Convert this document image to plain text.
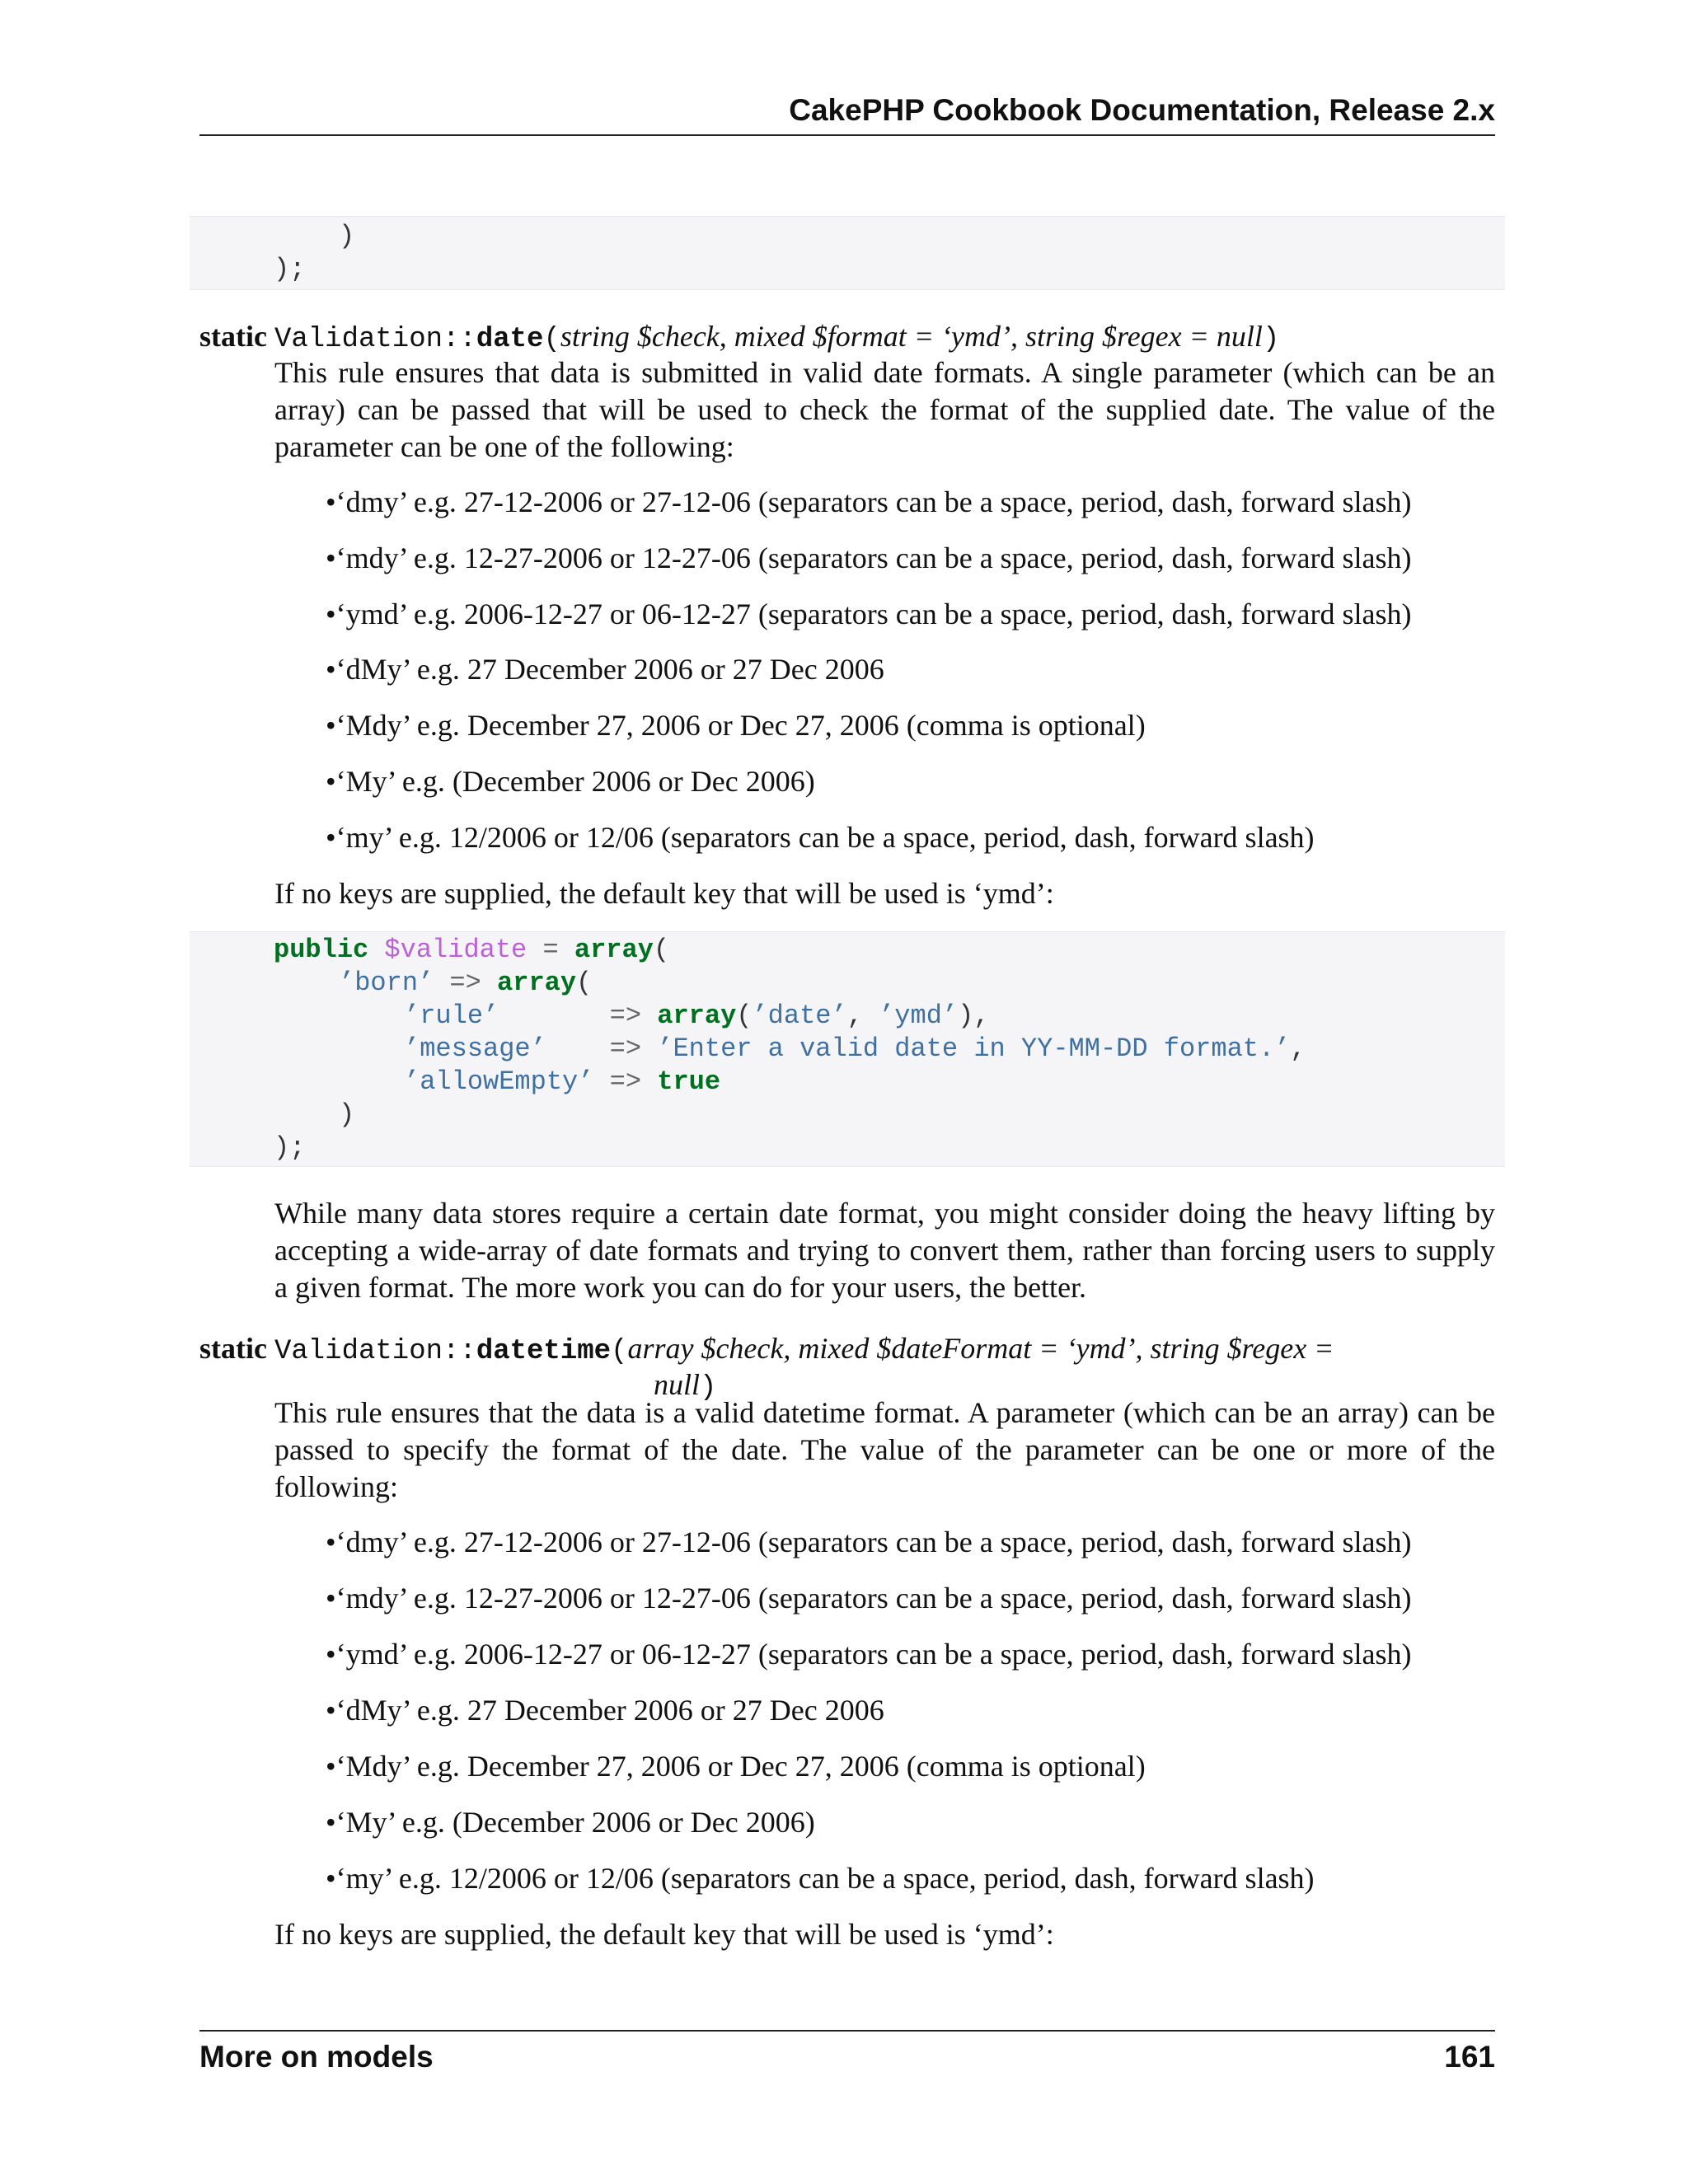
CakePHP Cookbook Documentation, Release 2.x
)
);
static Validation::date(string $check, mixed $format = ‘ymd’, string $regex = null)

This rule ensures that data is submitted in valid date formats. A single parameter (which can be an array) can be passed that will be used to check the format of the supplied date. The value of the parameter can be one of the following:

•‘dmy’ e.g. 27-12-2006 or 27-12-06 (separators can be a space, period, dash, forward slash)
•‘mdy’ e.g. 12-27-2006 or 12-27-06 (separators can be a space, period, dash, forward slash)
•‘ymd’ e.g. 2006-12-27 or 06-12-27 (separators can be a space, period, dash, forward slash)
•‘dMy’ e.g. 27 December 2006 or 27 Dec 2006
•‘Mdy’ e.g. December 27, 2006 or Dec 27, 2006 (comma is optional)
•‘My’ e.g. (December 2006 or Dec 2006)
•‘my’ e.g. 12/2006 or 12/06 (separators can be a space, period, dash, forward slash)
If no keys are supplied, the default key that will be used is ‘ymd’:
public $validate = array(
’born’ => array(
’rule’       => array(’date’, ’ymd’),
’message’    => ’Enter a valid date in YY-MM-DD format.’,
’allowEmpty’ => true
)
);

While many data stores require a certain date format, you might consider doing the heavy lifting by accepting a wide-array of date formats and trying to convert them, rather than forcing users to supply a given format. The more work you can do for your users, the better.

static Validation::datetime(array $check, mixed $dateFormat = ‘ymd’, string $regex =
null)

This rule ensures that the data is a valid datetime format. A parameter (which can be an array) can be passed to specify the format of the date. The value of the parameter can be one or more of the following:

•‘dmy’ e.g. 27-12-2006 or 27-12-06 (separators can be a space, period, dash, forward slash)
•‘mdy’ e.g. 12-27-2006 or 12-27-06 (separators can be a space, period, dash, forward slash)
•‘ymd’ e.g. 2006-12-27 or 06-12-27 (separators can be a space, period, dash, forward slash)
•‘dMy’ e.g. 27 December 2006 or 27 Dec 2006
•‘Mdy’ e.g. December 27, 2006 or Dec 27, 2006 (comma is optional)
•‘My’ e.g. (December 2006 or Dec 2006)
•‘my’ e.g. 12/2006 or 12/06 (separators can be a space, period, dash, forward slash)
If no keys are supplied, the default key that will be used is ‘ymd’:
More on models	161
